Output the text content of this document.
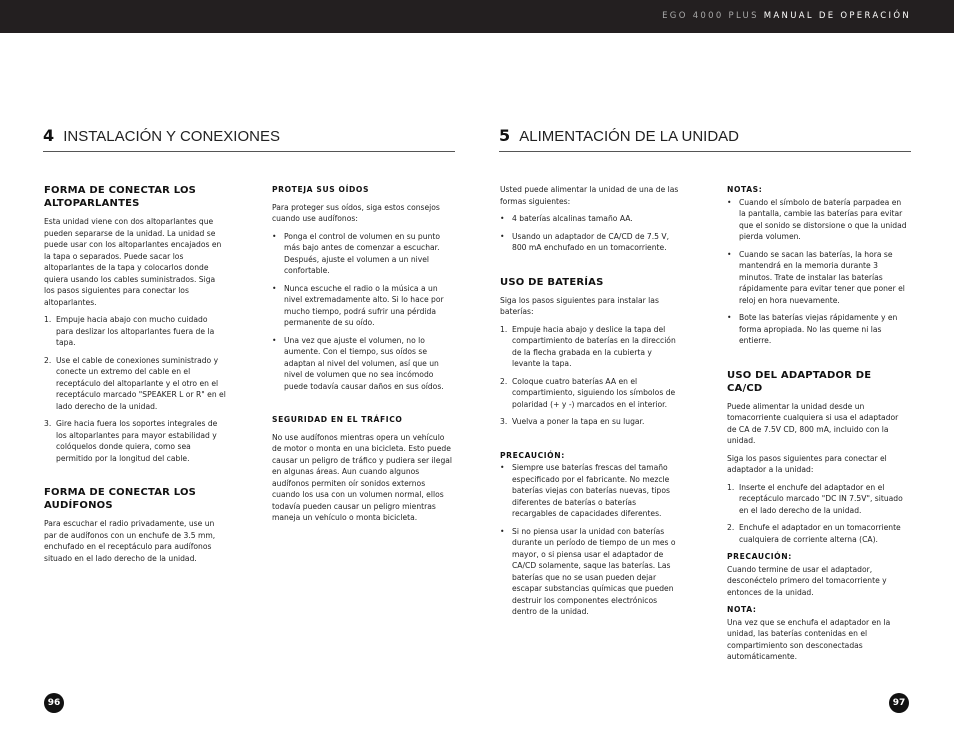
EGO 4000 PLUS MANUAL DE OPERACIÓN
4 INSTALACIÓN Y CONEXIONES
FORMA DE CONECTAR LOS ALTOPARLANTES

Esta unidad viene con dos altoparlantes que pueden separarse de la unidad. La unidad se puede usar con los altoparlantes encajados en la tapa o separados. Puede sacar los altoparlantes de la tapa y colocarlos donde quiera usando los cables suministrados. Siga los pasos siguientes para conectar los altoparlantes.

1. Empuje hacia abajo con mucho cuidado para deslizar los altoparlantes fuera de la tapa.
2. Use el cable de conexiones suministrado y conecte un extremo del cable en el receptáculo del altoparlante y el otro en el receptáculo marcado "SPEAKER L or R" en el lado derecho de la unidad.
3. Gire hacia fuera los soportes integrales de los altoparlantes para mayor estabilidad y colóquelos donde quiera, como sea permitido por la longitud del cable.
FORMA DE CONECTAR LOS AUDÍFONOS

Para escuchar el radio privadamente, use un par de audífonos con un enchufe de 3.5 mm, enchufado en el receptáculo para audífonos situado en el lado derecho de la unidad.

PROTEJA SUS OÍDOS

Para proteger sus oídos, siga estos consejos cuando use audífonos:

• Ponga el control de volumen en su punto más bajo antes de comenzar a escuchar. Después, ajuste el volumen a un nivel confortable.
• Nunca escuche el radio o la música a un nivel extremadamente alto. Si lo hace por mucho tiempo, podrá sufrir una pérdida permanente de su oído.
• Una vez que ajuste el volumen, no lo aumente. Con el tiempo, sus oídos se adaptan al nivel del volumen, así que un nivel de volumen que no sea incómodo puede todavía causar daños en sus oídos.
SEGURIDAD EN EL TRÁFICO

No use audífonos mientras opera un vehículo de motor o monta en una bicicleta. Esto puede causar un peligro de tráfico y pudiera ser ilegal en algunas áreas. Aun cuando algunos audífonos permiten oír sonidos externos cuando los usa con un volumen normal, ellos todavía pueden causar un peligro mientras maneja un vehículo o monta bicicleta.

96
5 ALIMENTACIÓN DE LA UNIDAD

Usted puede alimentar la unidad de una de las formas siguientes:

• 4 baterías alcalinas tamaño AA.
• Usando un adaptador de CA/CD de 7.5 V, 800 mA enchufado en un tomacorriente.
USO DE BATERÍAS

Siga los pasos siguientes para instalar las baterías:

1. Empuje hacia abajo y deslice la tapa del compartimiento de baterías en la dirección de la flecha grabada en la cubierta y levante la tapa.
2. Coloque cuatro baterías AA en el compartimiento, siguiendo los símbolos de polaridad (+ y -) marcados en el interior.
3. Vuelva a poner la tapa en su lugar.
PRECAUCIÓN:
• Siempre use baterías frescas del tamaño especificado por el fabricante. No mezcle baterías viejas con baterías nuevas, tipos diferentes de baterías o baterías recargables de capacidades diferentes.
• Si no piensa usar la unidad con baterías durante un período de tiempo de un mes o mayor, o si piensa usar el adaptador de CA/CD solamente, saque las baterías. Las baterías que no se usan pueden dejar escapar substancias químicas que pueden destruir los componentes electrónicos dentro de la unidad.
NOTAS:
• Cuando el símbolo de batería parpadea en la pantalla, cambie las baterías para evitar que el sonido se distorsione o que la unidad pierda volumen.
• Cuando se sacan las baterías, la hora se mantendrá en la memoria durante 3 minutos. Trate de instalar las baterías rápidamente para evitar tener que poner el reloj en hora nuevamente.
• Bote las baterías viejas rápidamente y en forma apropiada. No las queme ni las entierre.
USO DEL ADAPTADOR DE CA/CD

Puede alimentar la unidad desde un tomacorriente cualquiera si usa el adaptador de CA de 7.5V CD, 800 mA, incluido con la unidad.

Siga los pasos siguientes para conectar el adaptador a la unidad:

1. Inserte el enchufe del adaptador en el receptáculo marcado "DC IN 7.5V", situado en el lado derecho de la unidad.
2. Enchufe el adaptador en un tomacorriente cualquiera de corriente alterna (CA).
PRECAUCIÓN:

Cuando termine de usar el adaptador, desconéctelo primero del tomacorriente y entonces de la unidad.

NOTA:

Una vez que se enchufa el adaptador en la unidad, las baterías contenidas en el compartimiento son desconectadas automáticamente.

97
